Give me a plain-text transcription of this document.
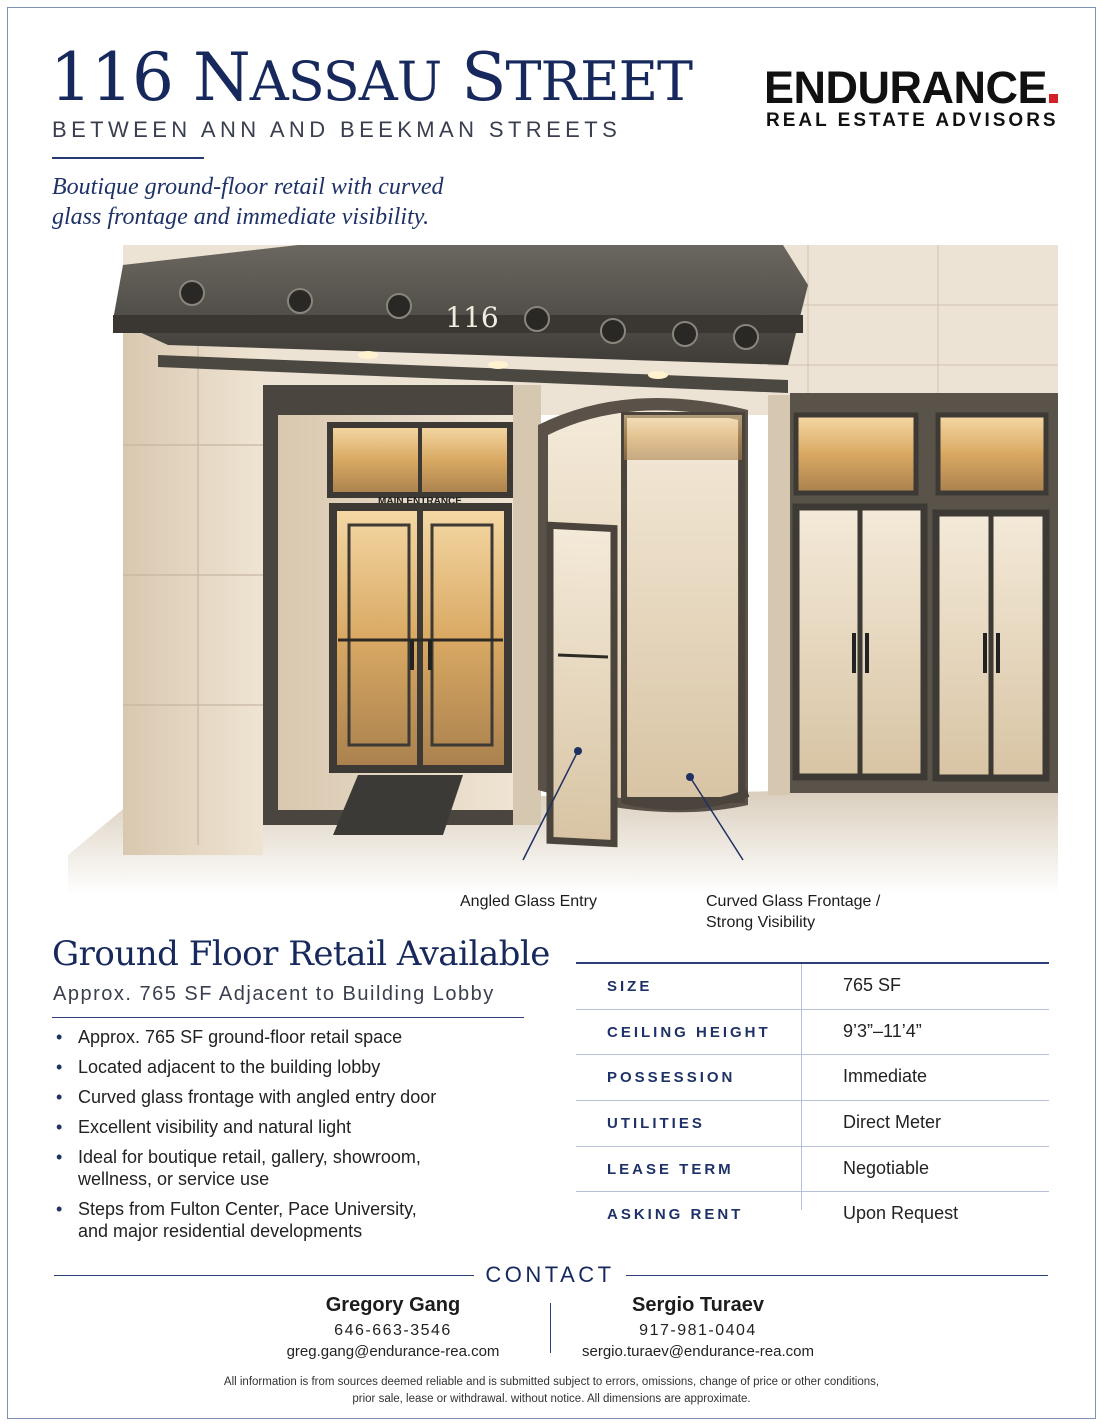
116 NASSAU STREET
BETWEEN ANN AND BEEKMAN STREETS
Boutique ground-floor retail with curved
glass frontage and immediate visibility.
ENDURANCE
REAL ESTATE ADVISORS
MAIN ENTRANCE
116
Angled Glass Entry	Curved Glass Frontage /
Strong Visibility
Ground Floor Retail Available
Approx. 765 SF Adjacent to Building Lobby
• Approx. 765 SF ground-floor retail space
• Located adjacent to the building lobby
• Curved glass frontage with angled entry door
• Excellent visibility and natural light
• Ideal for boutique retail, gallery, showroom, wellness, or service use
• Steps from Fulton Center, Pace University, and major residential developments
SIZE	765 SF
CEILING HEIGHT	9’3”–11’4”
POSSESSION	Immediate
UTILITIES	Direct Meter
LEASE TERM	Negotiable
ASKING RENT	Upon Request
CONTACT
Gregory Gang
646-663-3546
greg.gang@endurance-rea.com
Sergio Turaev
917-981-0404
sergio.turaev@endurance-rea.com
All information is from sources deemed reliable and is submitted subject to errors, omissions, change of price or other conditions,
prior sale, lease or withdrawal. without notice. All dimensions are approximate.
